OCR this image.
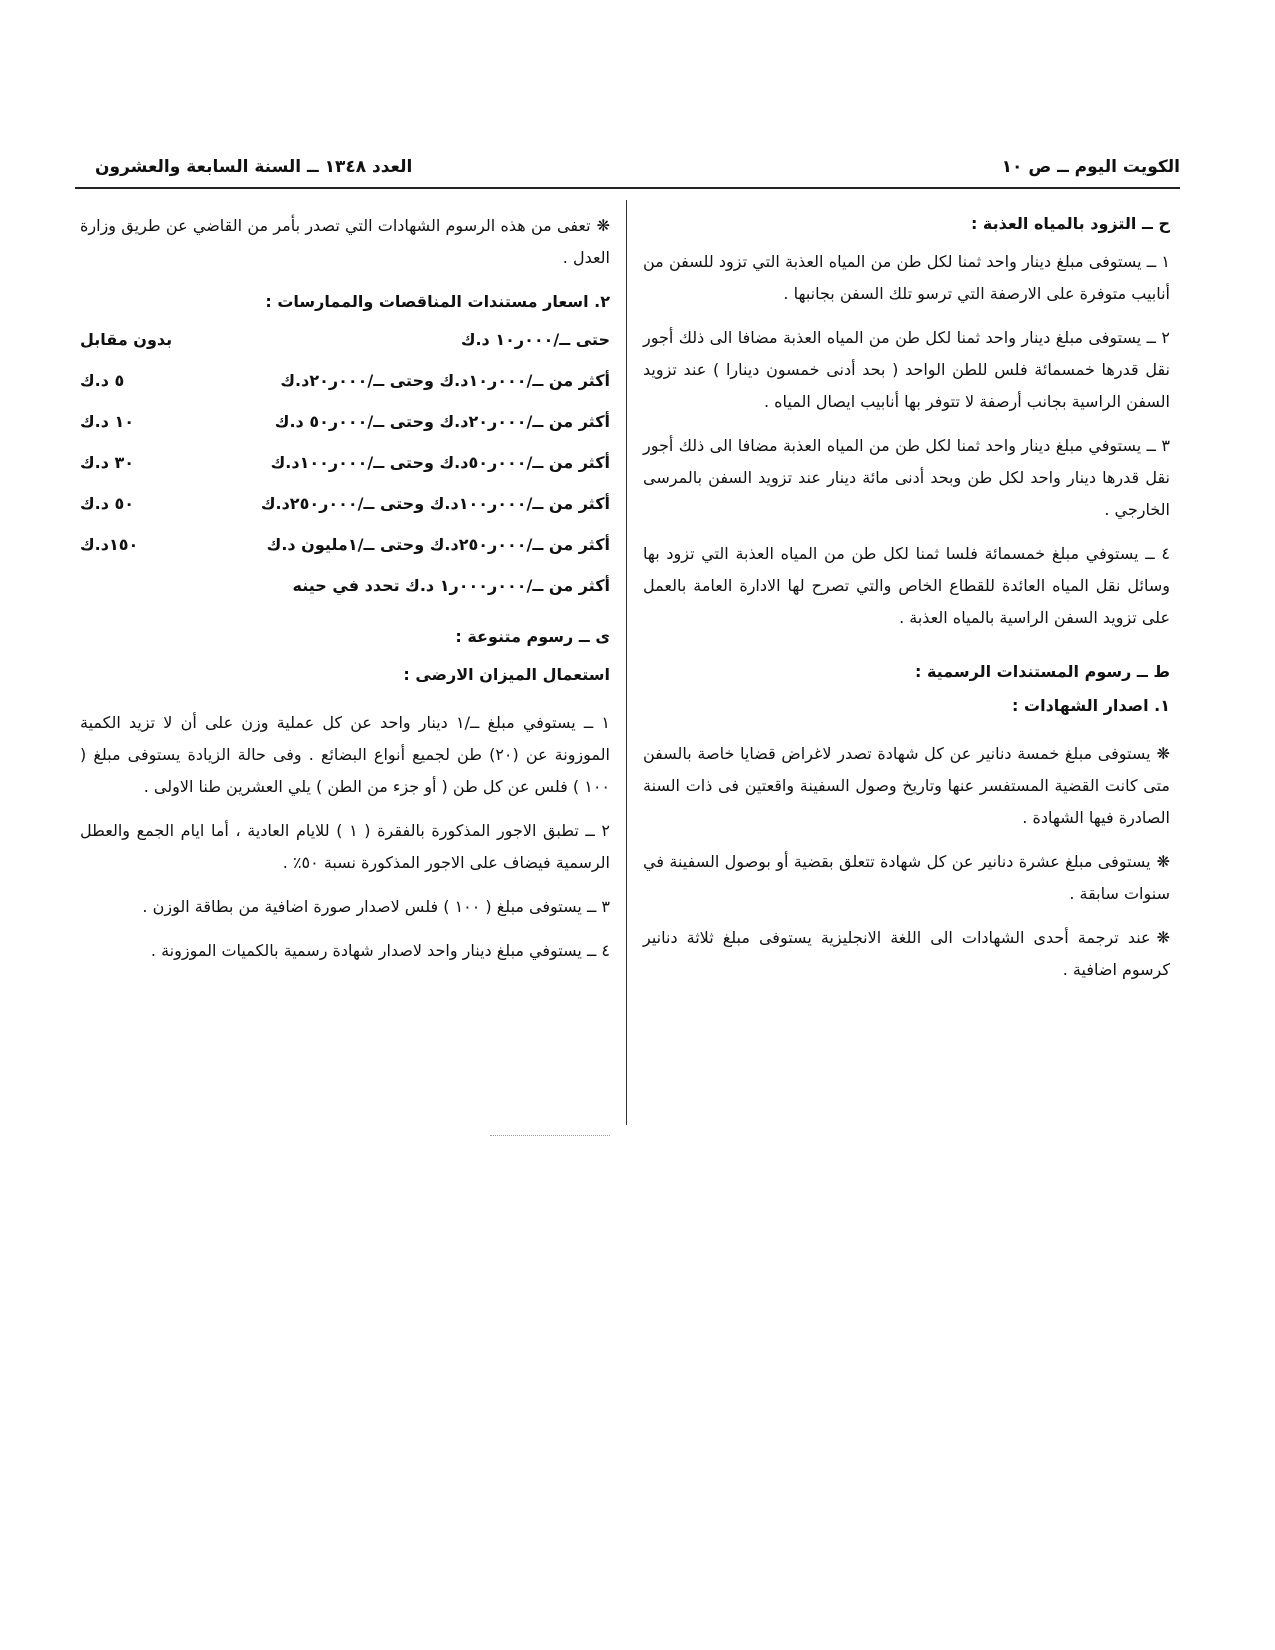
الكويت اليوم ــ ص ١٠
العدد ١٣٤٨ ــ السنة السابعة والعشرون
ح ــ التزود بالمياه العذبة :
١ ــ يستوفى مبلغ دينار واحد ثمنا لكل طن من المياه العذبة التي تزود للسفن من أنابيب متوفرة على الارصفة التي ترسو تلك السفن بجانبها .
٢ ــ يستوفى مبلغ دينار واحد ثمنا لكل طن من المياه العذبة مضافا الى ذلك أجور نقل قدرها خمسمائة فلس للطن الواحد ( بحد أدنى خمسون دينارا ) عند تزويد السفن الراسية بجانب أرصفة لا تتوفر بها أنابيب ايصال المياه .
٣ ــ يستوفي مبلغ دينار واحد ثمنا لكل طن من المياه العذبة مضافا الى ذلك أجور نقل قدرها دينار واحد لكل طن وبحد أدنى مائة دينار عند تزويد السفن بالمرسى الخارجي .
٤ ــ يستوفي مبلغ خمسمائة فلسا ثمنا لكل طن من المياه العذبة التي تزود بها وسائل نقل المياه العائدة للقطاع الخاص والتي تصرح لها الادارة العامة بالعمل على تزويد السفن الراسية بالمياه العذبة .
ط ــ رسوم المستندات الرسمية :
١. اصدار الشهادات :
❋يستوفى مبلغ خمسة دنانير عن كل شهادة تصدر لاغراض قضايا خاصة بالسفن متى كانت القضية المستفسر عنها وتاريخ وصول السفينة واقعتين فى ذات السنة الصادرة فيها الشهادة .
❋يستوفى مبلغ عشرة دنانير عن كل شهادة تتعلق بقضية أو بوصول السفينة في سنوات سابقة .
❋عند ترجمة أحدى الشهادات الى اللغة الانجليزية يستوفى مبلغ ثلاثة دنانير كرسوم اضافية .
❋تعفى من هذه الرسوم الشهادات التي تصدر بأمر من القاضي عن طريق وزارة العدل .
٢. اسعار مستندات المناقصات والممارسات :
حتى ــ/٠٠٠ر١٠ د.ك
بدون مقابل
أكثر من ــ/٠٠٠ر١٠د.ك وحتى ــ/٠٠٠ر٢٠د.ك
٥ د.ك
أكثر من ــ/٠٠٠ر٢٠د.ك وحتى ــ/٠٠٠ر٥٠ د.ك
١٠ د.ك
أكثر من ــ/٠٠٠ر٥٠د.ك وحتى ــ/٠٠٠ر١٠٠د.ك
٣٠ د.ك
أكثر من ــ/٠٠٠ر١٠٠د.ك وحتى ــ/٠٠٠ر٢٥٠د.ك
٥٠ د.ك
أكثر من ــ/٠٠٠ر٢٥٠د.ك وحتى ــ/١مليون د.ك
١٥٠د.ك
أكثر من ــ/٠٠٠ر٠٠٠ر١ د.ك تحدد في حينه
ى ــ رسوم متنوعة :
استعمال الميزان الارضى :
١ ــ يستوفي مبلغ ــ/١ دينار واحد عن كل عملية وزن على أن لا تزيد الكمية الموزونة عن (٢٠) طن لجميع أنواع البضائع . وفى حالة الزيادة يستوفى مبلغ ( ١٠٠ ) فلس عن كل طن ( أو جزء من الطن ) يلي العشرين طنا الاولى .
٢ ــ تطبق الاجور المذكورة بالفقرة ( ١ ) للايام العادية ، أما ايام الجمع والعطل الرسمية فيضاف على الاجور المذكورة نسبة ٥٠٪ .
٣ ــ يستوفى مبلغ ( ١٠٠ ) فلس لاصدار صورة اضافية من بطاقة الوزن .
٤ ــ يستوفي مبلغ دينار واحد لاصدار شهادة رسمية بالكميات الموزونة .
